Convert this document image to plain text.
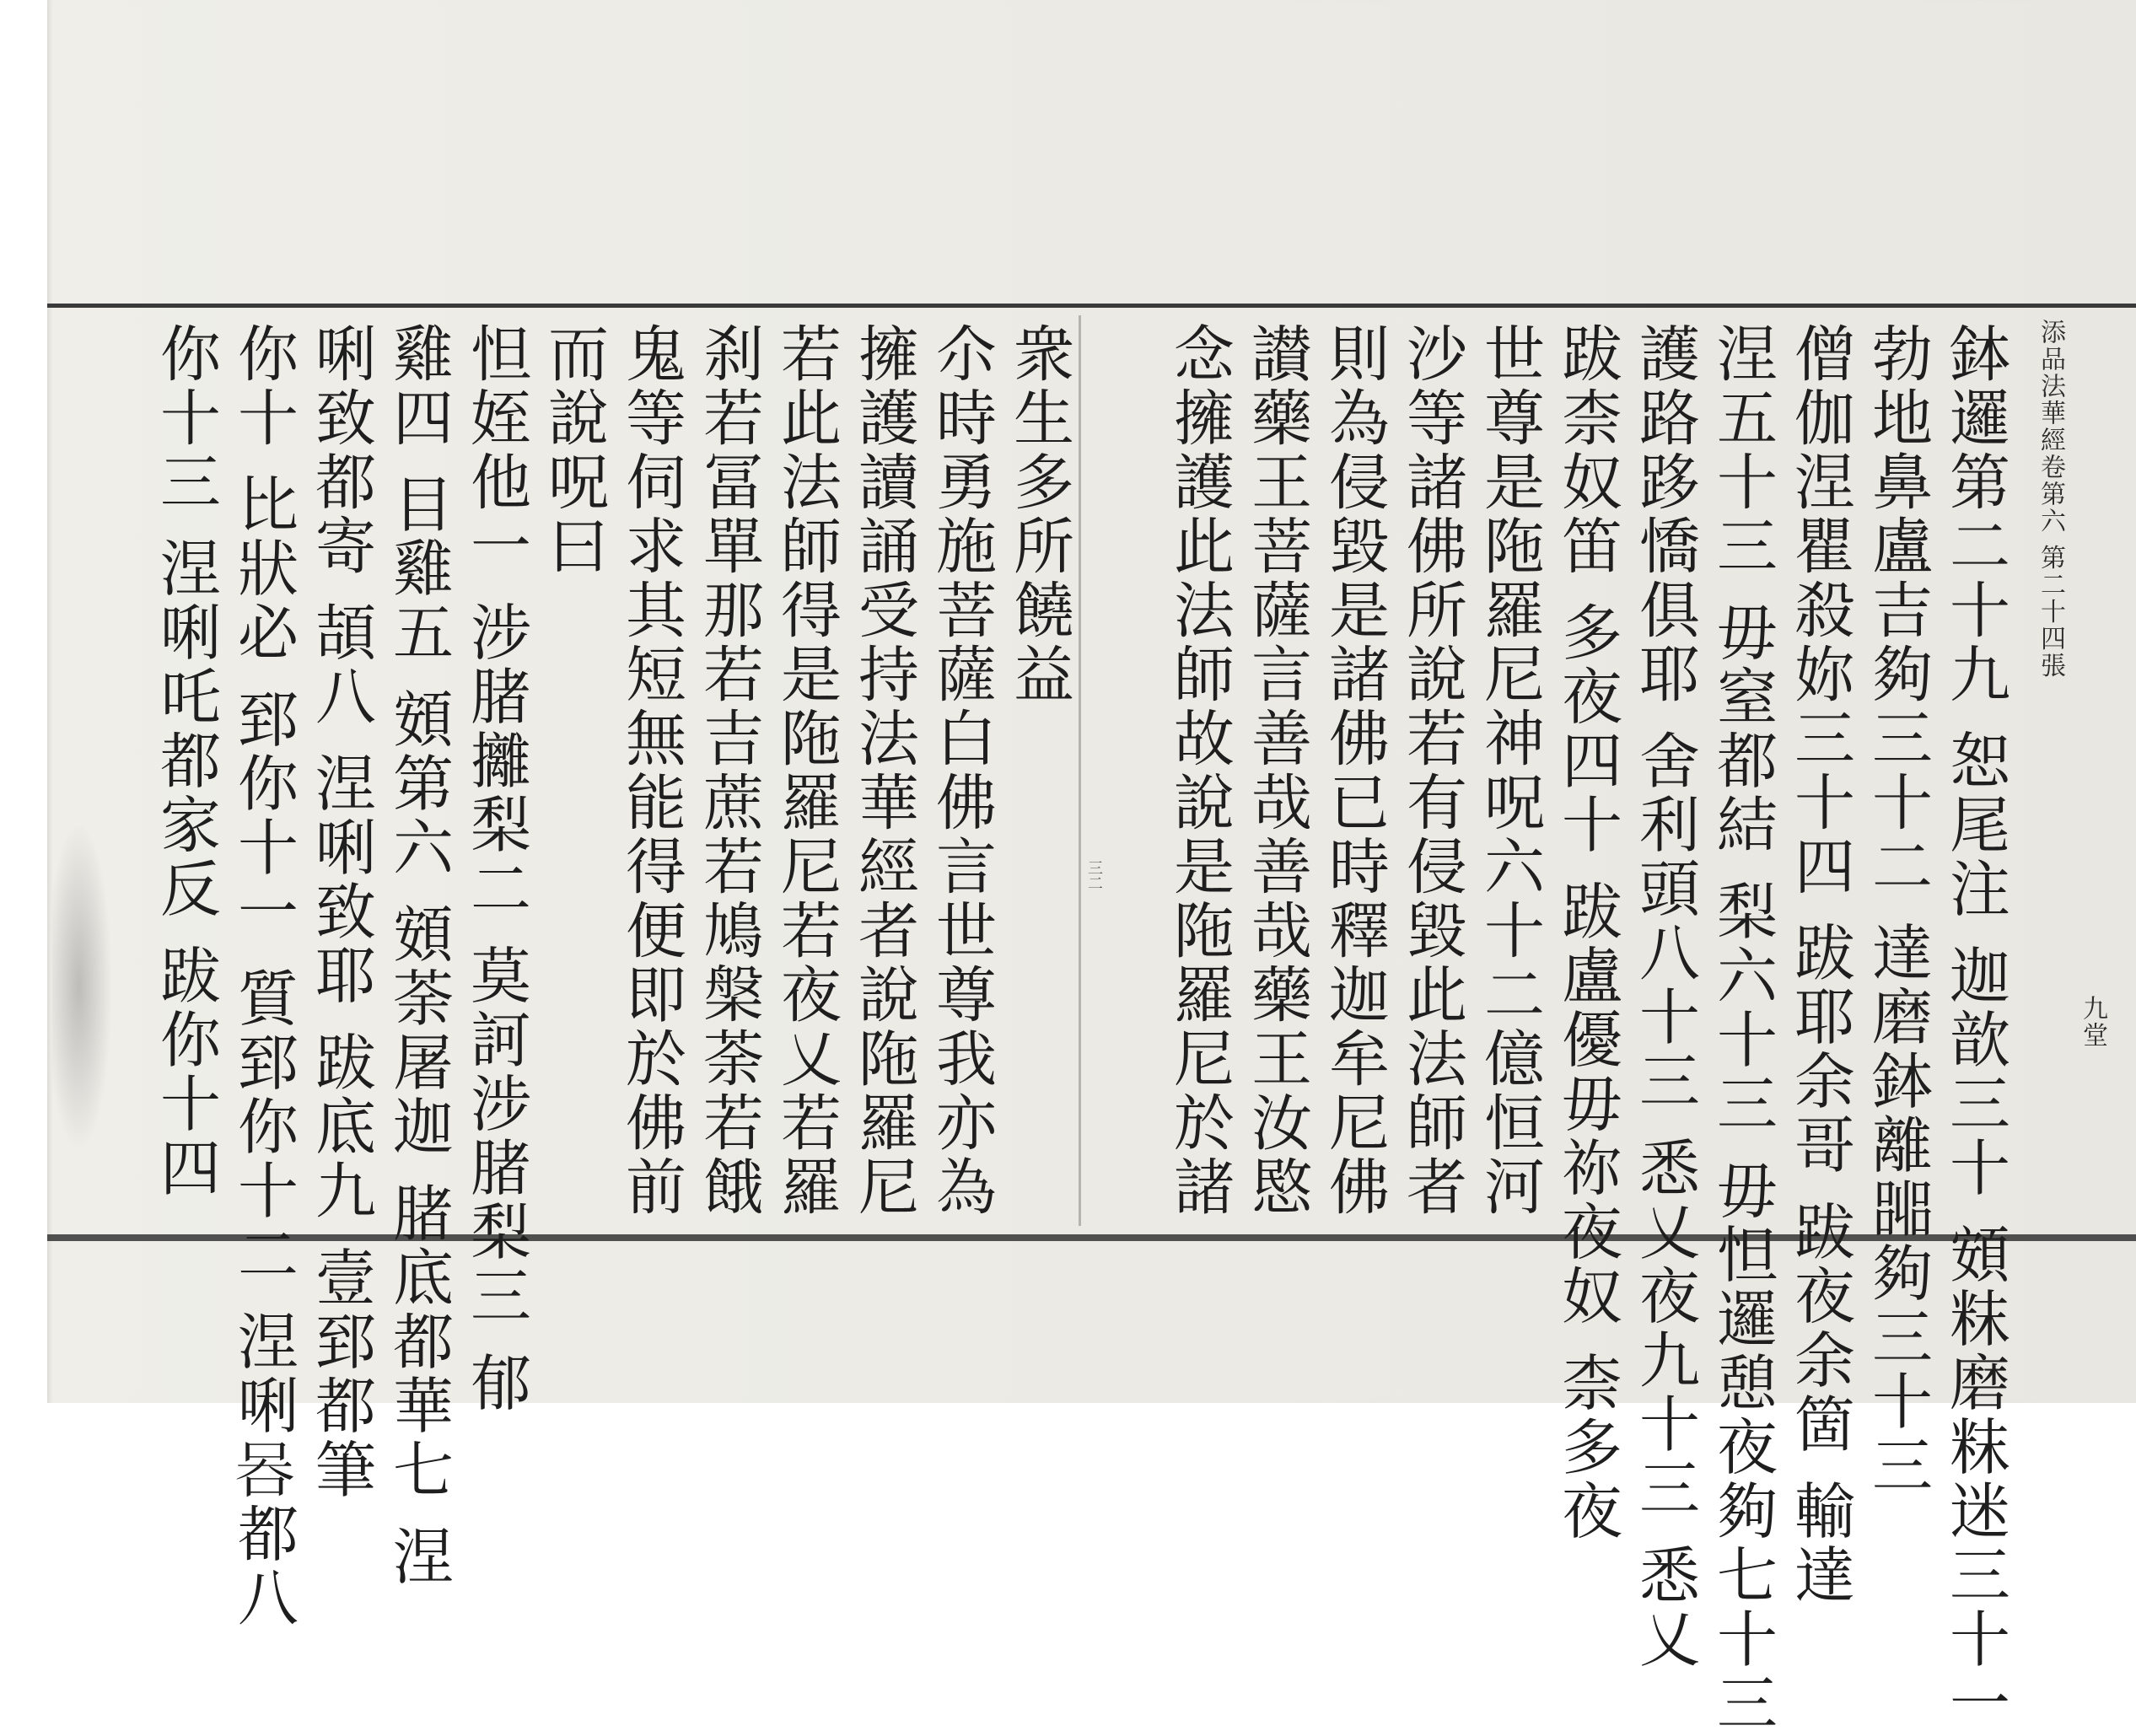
三二
添品法華經卷第六 第二十四張
九堂
鉢邏第二十九 恕尾注 迦歆三十 頞粖磨粖迷三十一
勃地鼻盧吉夠三十二 達磨鉢離嘂夠三十三
僧伽涅瞿殺妳三十四 跋耶余哥 跋夜余箇 輸達
涅五十三 毋窒都結 梨六十三 毋怛邏憩夜夠七十三
護路跢憍俱耶 舍利頭八十三 悉乂夜九十三 悉乂
跋柰奴笛 多夜四十 跋盧優毋祢夜奴 柰多夜
世尊是陁羅尼神呪六十二億恒河
沙等諸佛所說若有侵毀此法師者
則為侵毀是諸佛已時釋迦牟尼佛
讃藥王菩薩言善哉善哉藥王汝愍
念擁護此法師故說是陁羅尼於諸
衆生多所饒益
尒時勇施菩薩白佛言世尊我亦為
擁護讀誦受持法華經者說陁羅尼
若此法師得是陁羅尼若夜乂若羅
刹若冨單那若吉蔗若鳩槃荼若餓
鬼等伺求其短無能得便即於佛前
而說呪曰
怛姪他一 涉䐗攡梨二 莫訶涉䐗梨三 郁
雞四 目雞五 頞第六 頞荼屠迦 䐗底都華七 涅
唎致都寄 頡八 涅唎致耶 跋底九 壹郅都筆
你十 比狀必 郅你十一 質郅你十二 涅唎𠱑都八
你十三 涅唎吒都家反 跋你十四
